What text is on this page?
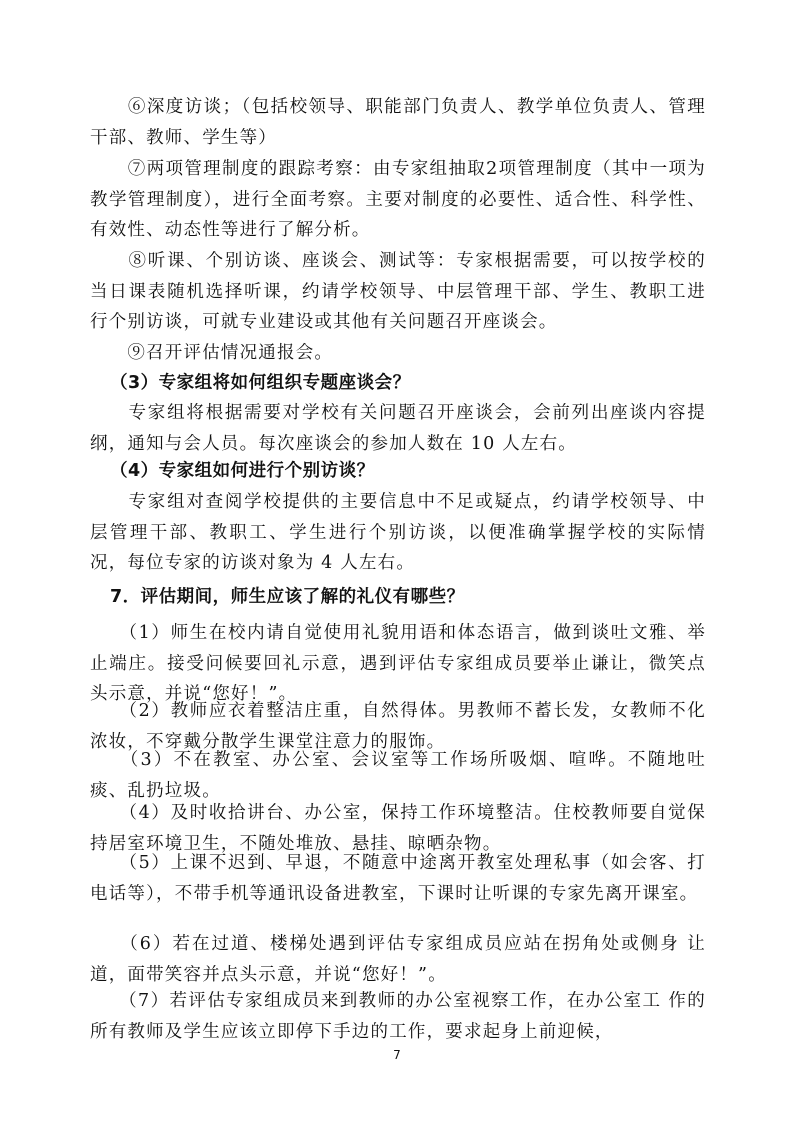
　　⑥深度访谈；（包括校领导、职能部门负责人、教学单位负责人、管理干部、教师、学生等）

　　⑦两项管理制度的跟踪考察：由专家组抽取2项管理制度（其中一项为教学管理制度），进行全面考察。主要对制度的必要性、适合性、科学性、有效性、动态性等进行了解分析。

　　⑧听课、个别访谈、座谈会、测试等：专家根据需要，可以按学校的当日课表随机选择听课，约请学校领导、中层管理干部、学生、教职工进行个别访谈，可就专业建设或其他有关问题召开座谈会。

　　⑨召开评估情况通报会。

（3）专家组将如何组织专题座谈会？

　　专家组将根据需要对学校有关问题召开座谈会，会前列出座谈内容提纲，通知与会人员。每次座谈会的参加人数在 10 人左右。

（4）专家组如何进行个别访谈？

　　专家组对查阅学校提供的主要信息中不足或疑点，约请学校领导、中层管理干部、教职工、学生进行个别访谈，以便准确掌握学校的实际情况，每位专家的访谈对象为 4 人左右。

7．评估期间，师生应该了解的礼仪有哪些？

　　（1）师生在校内请自觉使用礼貌用语和体态语言，做到谈吐文雅、举止端庄。接受问候要回礼示意，遇到评估专家组成员要举止谦让，微笑点头示意，并说“您好！”。

　　（2）教师应衣着整洁庄重，自然得体。男教师不蓄长发，女教师不化浓妆，不穿戴分散学生课堂注意力的服饰。

　　（3）不在教室、办公室、会议室等工作场所吸烟、喧哗。不随地吐痰、乱扔垃圾。

　　（4）及时收拾讲台、办公室，保持工作环境整洁。住校教师要自觉保持居室环境卫生，不随处堆放、悬挂、晾晒杂物。

　　（5）上课不迟到、早退，不随意中途离开教室处理私事（如会客、打电话等），不带手机等通讯设备进教室，下课时让听课的专家先离开课室。

　　（6）若在过道、楼梯处遇到评估专家组成员应站在拐角处或侧身 让道，面带笑容并点头示意，并说“您好！”。

　　（7）若评估专家组成员来到教师的办公室视察工作，在办公室工 作的所有教师及学生应该立即停下手边的工作，要求起身上前迎候，

7
